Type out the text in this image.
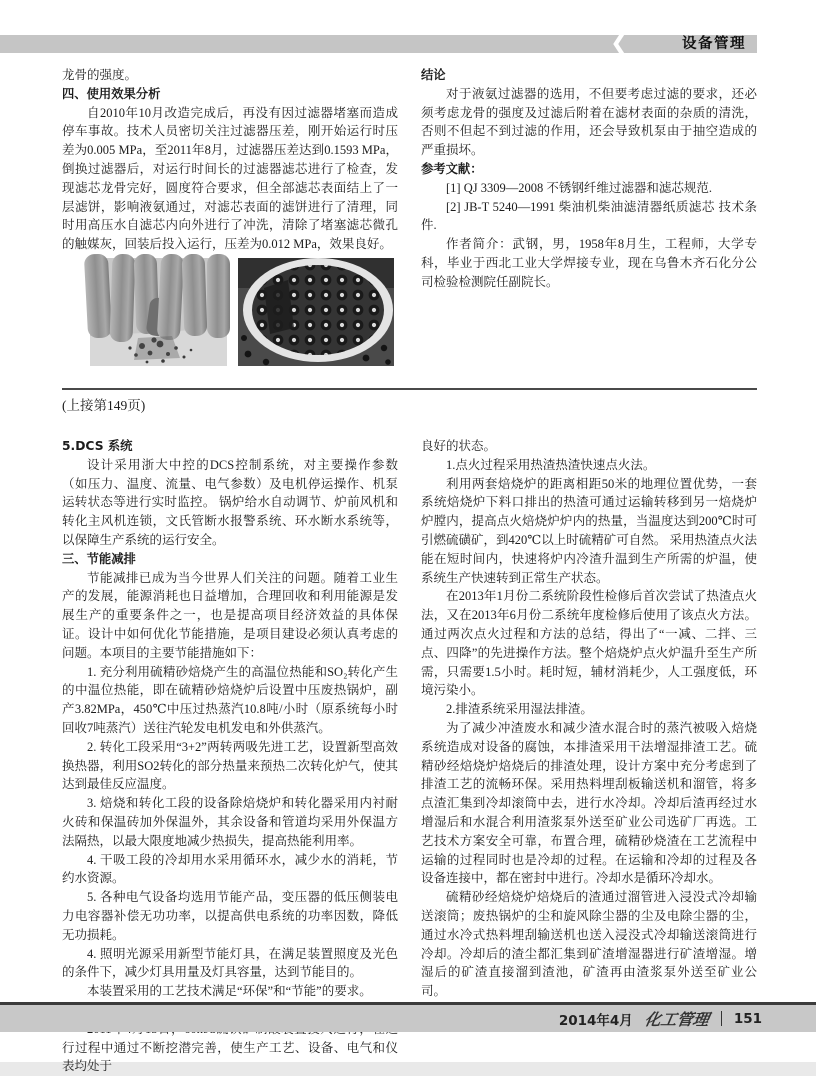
❮	设备管理

龙骨的强度。

四、使用效果分析

自2010年10月改造完成后，再没有因过滤器堵塞而造成停车事故。技术人员密切关注过滤器压差，刚开始运行时压差为0.005 MPa，至2011年8月，过滤器压差达到0.1593 MPa，倒换过滤器后，对运行时间长的过滤器滤芯进行了检查，发现滤芯龙骨完好，圆度符合要求，但全部滤芯表面结上了一层滤饼，影响液氨通过，对滤芯表面的滤饼进行了清理，同时用高压水自滤芯内向外进行了冲洗，清除了堵塞滤芯微孔的触媒灰，回装后投入运行，压差为0.012 MPa，效果良好。

结论

对于液氨过滤器的选用，不但要考虑过滤的要求，还必须考虑龙骨的强度及过滤后附着在滤材表面的杂质的清洗，否则不但起不到过滤的作用，还会导致机泵由于抽空造成的严重损坏。

参考文献：

[1] QJ 3309—2008 不锈钢纤维过滤器和滤芯规范.

[2] JB-T 5240—1991 柴油机柴油滤清器纸质滤芯 技术条件.

作者简介：武钢，男，1958年8月生，工程师，大学专科，毕业于西北工业大学焊接专业，现在乌鲁木齐石化分公司检验检测院任副院长。

(上接第149页)

5.DCS 系统

设计采用浙大中控的DCS控制系统，对主要操作参数（如压力、温度、流量、电气参数）及电机停运操作、机泵运转状态等进行实时监控。 锅炉给水自动调节、炉前风机和转化主风机连锁，文氏管断水报警系统、环水断水系统等，以保障生产系统的运行安全。

三、节能减排

节能减排已成为当今世界人们关注的问题。随着工业生产的发展，能源消耗也日益增加，合理回收和利用能源是发展生产的重要条件之一，也是提高项目经济效益的具体保证。设计中如何优化节能措施，是项目建设必须认真考虑的问题。本项目的主要节能措施如下：

1. 充分利用硫精砂焙烧产生的高温位热能和SO₂转化产生的中温位热能，即在硫精砂焙烧炉后设置中压废热锅炉，副产3.82MPa，450℃中压过热蒸汽10.8吨/小时（原系统每小时回收7吨蒸汽）送往汽轮发电机发电和外供蒸汽。

2. 转化工段采用“3+2”两转两吸先进工艺，设置新型高效换热器，利用SO2转化的部分热量来预热二次转化炉气，使其达到最佳反应温度。

3. 焙烧和转化工段的设备除焙烧炉和转化器采用内衬耐火砖和保温砖加外保温外，其余设备和管道均采用外保温方法隔热，以最大限度地减少热损失，提高热能利用率。

4. 干吸工段的冷却用水采用循环水，减少水的消耗，节约水资源。

5. 各种电气设备均选用节能产品，变压器的低压侧装电力电容器补偿无功功率，以提高供电系统的功率因数，降低无功损耗。

4. 照明光源采用新型节能灯具，在满足装置照度及光色的条件下，减少灯具用量及灯具容量，达到节能目的。

本装置采用的工艺技术满足“环保”和“节能”的要求。

行过程中通过不断挖潜完善，使生产工艺、设备、电气和仪表均处于

良好的状态。

1.点火过程采用热渣热渣快速点火法。

利用两套焙烧炉的距离相距50米的地理位置优势，一套系统焙烧炉下料口排出的热渣可通过运输转移到另一焙烧炉炉膛内，提高点火焙烧炉炉内的热量，当温度达到200℃时可引燃硫磺矿，到420℃以上时硫精矿可自然。 采用热渣点火法能在短时间内，快速将炉内冷渣升温到生产所需的炉温，使系统生产快速转到正常生产状态。

在2013年1月份二系统阶段性检修后首次尝试了热渣点火法，又在2013年6月份二系统年度检修后使用了该点火方法。通过两次点火过程和方法的总结，得出了“一减、二拌、三点、四降”的先进操作方法。整个焙烧炉点火炉温升至生产所需，只需要1.5小时。耗时短，辅材消耗少，人工强度低，环境污染小。

2.排渣系统采用湿法排渣。

为了减少冲渣废水和减少渣水混合时的蒸汽被吸入焙烧系统造成对设备的腐蚀，本排渣采用干法增湿排渣工艺。硫精砂经焙烧炉焙烧后的排渣处理，设计方案中充分考虑到了排渣工艺的流畅环保。采用热料埋刮板输送机和溜管，将多点渣汇集到冷却滚筒中去，进行水冷却。冷却后渣再经过水增湿后和水混合利用渣浆泵外送至矿业公司选矿厂再选。工艺技术方案安全可靠，布置合理，硫精砂烧渣在工艺流程中运输的过程同时也是冷却的过程。在运输和冷却的过程及各设备连接中，都在密封中进行。冷却水是循环冷却水。

硫精砂经焙烧炉焙烧后的渣通过溜管进入浸没式冷却输送滚筒；废热锅炉的尘和旋风除尘器的尘及电除尘器的尘，通过水冷式热料埋刮输送机也送入浸没式冷却输送滚筒进行冷却。冷却后的渣尘都汇集到矿渣增湿器进行矿渣增湿。增湿后的矿渣直接溜到渣池，矿渣再由渣浆泵外送至矿业公司。

2014年4月 化工管理 151
